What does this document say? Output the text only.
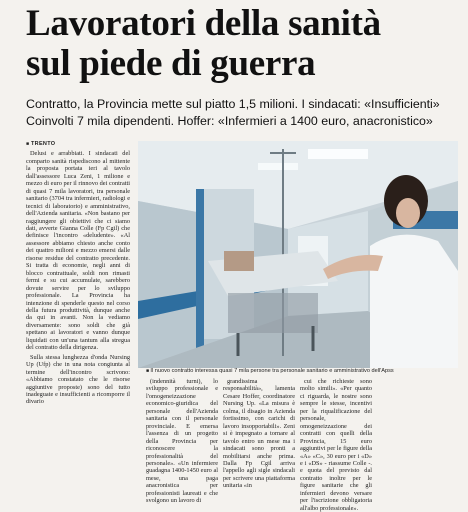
Lavoratori della sanità
sul piede di guerra
Contratto, la Provincia mette sul piatto 1,5 milioni. I sindacati: «Insufficienti»
Coinvolti 7 mila dipendenti. Hoffer: «Infermieri a 1400 euro, anacronistico»
■ TRENTO

Delusi e arrabbiati. I sindacati del comparto sanità rispediscono al mittente la proposta portata ieri al tavolo dall'assessore Luca Zeni, 1 milione e mezzo di euro per il rinnovo dei contratti di quasi 7 mila lavoratori, tra personale sanitario (3704 tra infermieri, radiologi e tecnici di laboratorio) e amministrativo, dell'Azienda sanitaria. «Non bastano per raggiungere gli obiettivi che ci siamo dati, avverte Gianna Colle (Fp Cgil) che definisce l'incontro «deludente». «Al assessore abbiamo chiesto anche conto dei quattro milioni e mezzo emersi dalle risorse residue del contratto precedente. Si tratta di economie, negli anni di blocco contrattuale, soldi non rimasti fermi e su cui accumulate, sarebbero dovute servire per lo sviluppo professionale. La Provincia ha intenzione di spenderle questo nel corso della futura produttività, dunque anche da qui in avanti. Non la vediamo diversamente: sono soldi che già spettano ai lavoratori e vanno dunque liquidati con un'una tantum alla stregua del contratto della dirigenza.

Sulla stessa lunghezza d'onda Nursing Up (Ufp) che in una nota congiunta al termine dell'incontro scrivono: «Abbiamo constatato che le risorse aggiuntive proposte) sono del tutto inadeguate e insufficienti a ricomporre il divario

■ Il nuovo contratto interessa quasi 7 mila persone tra personale sanitario e amministrativo dell'Apss

(indennità turni), lo sviluppo professionale e l'omogeneizzazione economico-giuridica del personale dell'Azienda sanitaria con il personale provinciale. E emersa l'assenza di un progetto della Provincia per riconoscere la professionalità del personale». «Un infermiere guadagna 1400-1450 euro al mese, una paga anacronistica per professionisti laureati e che svolgono un lavoro di

grandissima responsabilità», lamenta Cesare Hoffer, coordinatore Nursing Up. «La misura è colma, il disagio in Azienda fortissimo, con carichi di lavoro insopportabili». Zeni si è impegnato a tornare al tavolo entro un mese ma i sindacati sono pronti a mobilitarsi anche prima. Dalla Fp Cgil arriva l'appello agli sigle sindacali per scrivere una piattaforma unitaria «in

cui che richieste sono molto simili». «Per quanto ci riguarda, le nostre sono sempre le stesse, incentivi per la riqualificazione del personale, omogeneizzazione dei contratti con quelli della Provincia, 15 euro aggiuntivi per le figure della «A» «C», 30 euro per i «D» e i «DS» - riassume Colle -. e quota del previsto dal contratto inoltre per le figure sanitarie che gli infermieri devono versare per l'iscrizione obbligatoria all'albo professionale».
